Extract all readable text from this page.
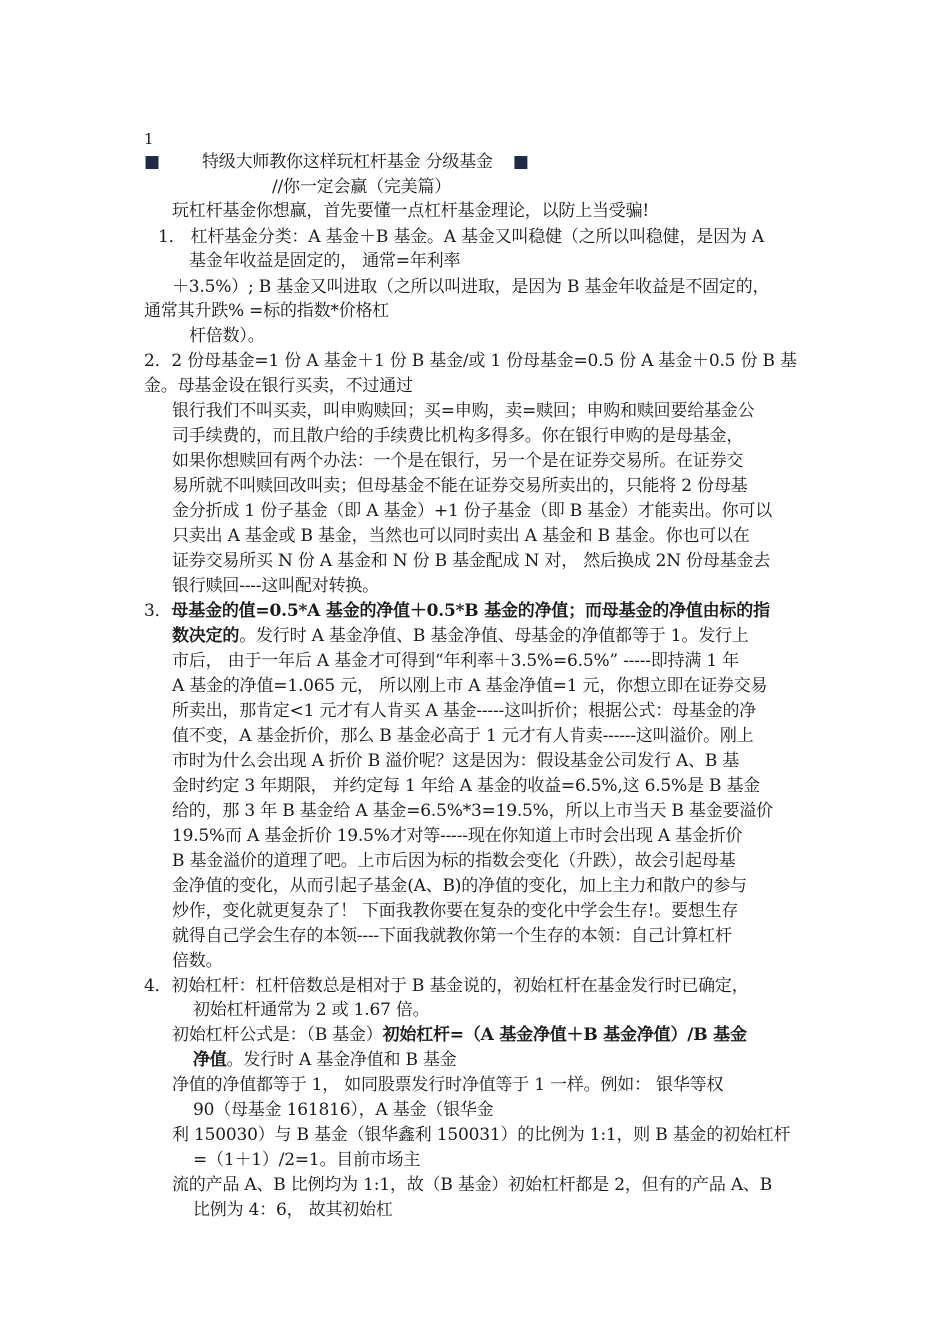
1
■ 特级大师教你这样玩杠杆基金 分级基金 ■
//你一定会赢（完美篇）
玩杠杆基金你想赢，首先要懂一点杠杆基金理论，以防上当受骗!
1． 杠杆基金分类：A 基金＋B 基金。A 基金又叫稳健（之所以叫稳健，是因为 A
基金年收益是固定的， 通常=年利率
＋3.5%）; B 基金又叫进取（之所以叫进取，是因为 B 基金年收益是不固定的，
通常其升跌% =标的指数*价格杠
杆倍数）。
2．2 份母基金=1 份 A 基金＋1 份 B 基金/或 1 份母基金=0.5 份 A 基金＋0.5 份 B 基
金。母基金设在银行买卖，不过通过
银行我们不叫买卖，叫申购赎回；买=申购，卖=赎回；申购和赎回要给基金公
司手续费的，而且散户给的手续费比机构多得多。你在银行申购的是母基金，
如果你想赎回有两个办法：一个是在银行，另一个是在证券交易所。在证券交
易所就不叫赎回改叫卖；但母基金不能在证券交易所卖出的，只能将 2 份母基
金分折成 1 份子基金（即 A 基金）+1 份子基金（即 B 基金）才能卖出。你可以
只卖出 A 基金或 B 基金，当然也可以同时卖出 A 基金和 B 基金。你也可以在
证券交易所买 N 份 A 基金和 N 份 B 基金配成 N 对， 然后换成 2N 份母基金去
银行赎回----这叫配对转换。
3．母基金的值=0.5*A 基金的净值＋0.5*B 基金的净值；而母基金的净值由标的指
数决定的。发行时 A 基金净值、B 基金净值、母基金的净值都等于 1。发行上
市后， 由于一年后 A 基金才可得到“年利率＋3.5%=6.5%” -----即持满 1 年
A 基金的净值=1.065 元， 所以刚上市 A 基金净值=1 元，你想立即在证券交易
所卖出，那肯定<1 元才有人肯买 A 基金-----这叫折价；根据公式：母基金的净
值不变，A 基金折价，那么 B 基金必高于 1 元才有人肯卖------这叫溢价。刚上
市时为什么会出现 A 折价 B 溢价呢？这是因为：假设基金公司发行 A、B 基
金时约定 3 年期限， 并约定每 1 年给 A 基金的收益=6.5%,这 6.5%是 B 基金
给的，那 3 年 B 基金给 A 基金=6.5%*3=19.5%，所以上市当天 B 基金要溢价
19.5%而 A 基金折价 19.5%才对等-----现在你知道上市时会出现 A 基金折价
B 基金溢价的道理了吧。上市后因为标的指数会变化（升跌），故会引起母基
金净值的变化，从而引起子基金(A、B)的净值的变化，加上主力和散户的参与
炒作，变化就更复杂了！ 下面我教你要在复杂的变化中学会生存!。要想生存
就得自己学会生存的本领----下面我就教你第一个生存的本领：自己计算杠杆
倍数。
4．初始杠杆：杠杆倍数总是相对于 B 基金说的，初始杠杆在基金发行时已确定，
初始杠杆通常为 2 或 1.67 倍。
初始杠杆公式是：（B 基金）初始杠杆=（A 基金净值＋B 基金净值）/B 基金
净值。发行时 A 基金净值和 B 基金
净值的净值都等于 1， 如同股票发行时净值等于 1 一样。例如： 银华等权
90（母基金 161816），A 基金（银华金
利 150030）与 B 基金（银华鑫利 150031）的比例为 1:1，则 B 基金的初始杠杆
=（1＋1）/2=1。目前市场主
流的产品 A、B 比例均为 1:1，故（B 基金）初始杠杆都是 2，但有的产品 A、B
比例为 4：6， 故其初始杠
